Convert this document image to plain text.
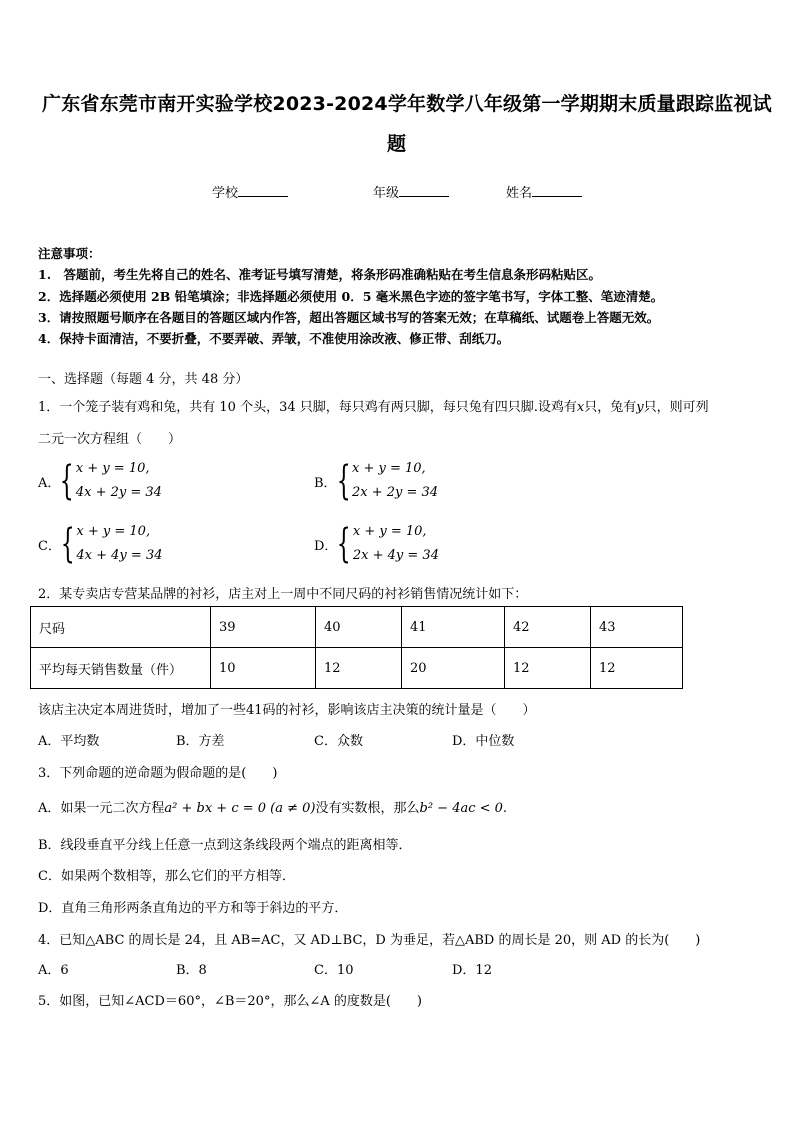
广东省东莞市南开实验学校2023-2024学年数学八年级第一学期期末质量跟踪监视试
题
学校	年级	姓名
注意事项：
1.　答题前，考生先将自己的姓名、准考证号填写清楚，将条形码准确粘贴在考生信息条形码粘贴区。
2．选择题必须使用 2B 铅笔填涂；非选择题必须使用 0．5 毫米黑色字迹的签字笔书写，字体工整、笔迹清楚。
3．请按照题号顺序在各题目的答题区域内作答，超出答题区域书写的答案无效；在草稿纸、试题卷上答题无效。
4．保持卡面清洁，不要折叠，不要弄破、弄皱，不准使用涂改液、修正带、刮纸刀。
一、选择题（每题 4 分，共 48 分）
1．一个笼子装有鸡和兔，共有 10 个头，34 只脚，每只鸡有两只脚，每只兔有四只脚.设鸡有x只，兔有y只，则可列
二元一次方程组（　　）
A． { x + y = 10,
4x + 2y = 34
B． { x + y = 10,
2x + 2y = 34
C． { x + y = 10,
4x + 4y = 34
D． { x + y = 10,
2x + 4y = 34
2．某专卖店专营某品牌的衬衫，店主对上一周中不同尺码的衬衫销售情况统计如下：
尺码	39	40	41	42	43
平均每天销售数量（件）	10	12	20	12	12
该店主决定本周进货时，增加了一些41码的衬衫，影响该店主决策的统计量是（　　）
A．平均数	B．方差	C．众数	D．中位数
3．下列命题的逆命题为假命题的是(　　)
A．如果一元二次方程a² + bx + c = 0 (a ≠ 0)没有实数根，那么b² − 4ac < 0.
B．线段垂直平分线上任意一点到这条线段两个端点的距离相等．
C．如果两个数相等，那么它们的平方相等．
D．直角三角形两条直角边的平方和等于斜边的平方．
4．已知△ABC 的周长是 24，且 AB=AC，又 AD⊥BC，D 为垂足，若△ABD 的周长是 20，则 AD 的长为(　　)
A．6	B．8	C．10	D．12
5．如图，已知∠ACD＝60°，∠B＝20°，那么∠A 的度数是(　　)
